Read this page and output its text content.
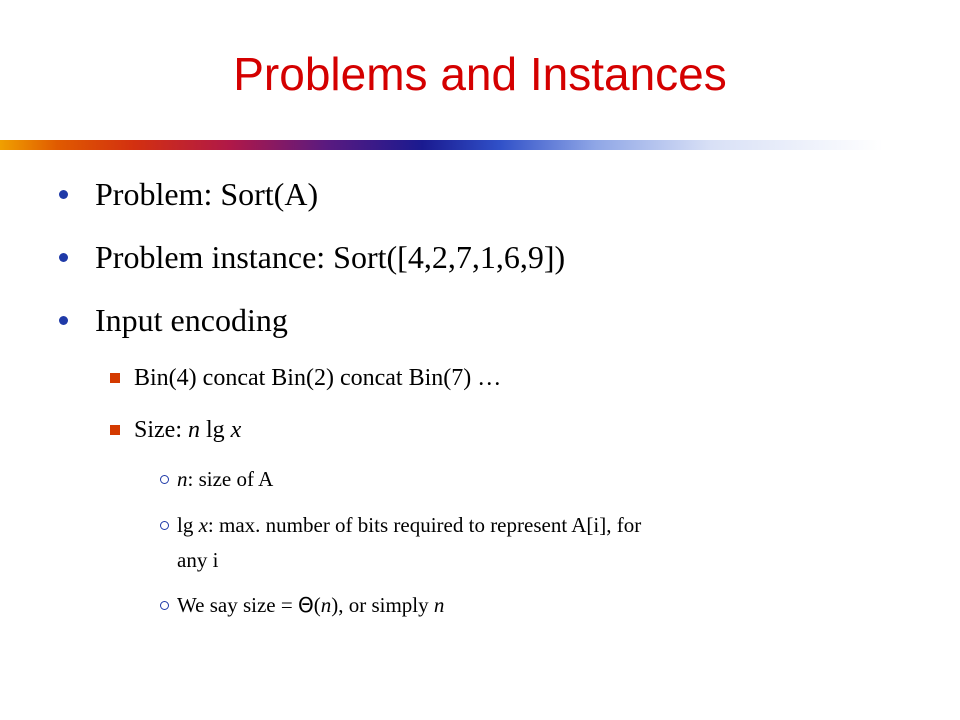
Problems and Instances
Problem: Sort(A)
Problem instance: Sort([4,2,7,1,6,9])
Input encoding
Bin(4) concat Bin(2) concat Bin(7) …
Size: n lg x
n: size of A
lg x: max. number of bits required to represent A[i], for
any i
We say size = Θ(n), or simply n
